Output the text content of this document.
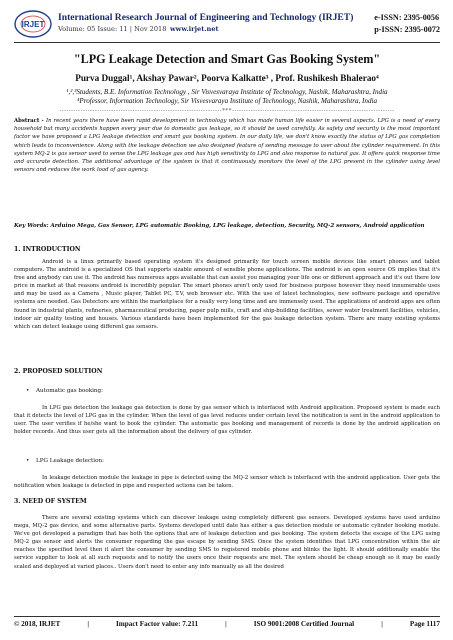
IRJET
International Research Journal of Engineering and Technology (IRJET)
Volume: 05 Issue: 11 | Nov 2018 www.irjet.net
e-ISSN: 2395-0056
p-ISSN: 2395-0072
"LPG Leakage Detection and Smart Gas Booking System"
Purva Duggal¹, Akshay Pawar², Poorva Kalkatte³ , Prof. Rushikesh Bhalerao⁴
¹,²,³Students, B.E. Information Technology , Sir Visvesvaraya Institute of Technology, Nashik, Maharashtra, India
⁴Professor, Information Technology, Sir Visvesvaraya Institute of Technology, Nashik, Maharashtra, India
---------------------------------------------------------------------***---------------------------------------------------------------------
Abstract - In recent years there have been rapid development in technology which has made human life easier in several aspects. LPG is a need of every household but many accidents happen every year due to domestic gas leakage, so it should be used carefully. As safety and security is the most important factor we have proposed a LPG leakage detection and smart gas booking system. In our daily life, we don't know exactly the status of LPG gas completion which leads to inconvenience. Along with the leakage detection we also designed feature of sending message to user about the cylinder requirement. In this system MQ-2 is gas sensor used to sense the LPG leakage gas and has high sensitivity to LPG and also response to natural gas. It offers quick response time and accurate detection. The additional advantage of the system is that it continuously monitors the level of the LPG present in the cylinder using level sensors and reduces the work load of gas agency.
Key Words: Arduino Mega, Gas Sensor, LPG automatic Booking, LPG leakage, detection, Security, MQ-2 sensors, Android application
1. INTRODUCTION
Android is a linux primarily based operating system it's designed primarily for touch screen mobile devices like smart phones and tablet computers. The android is a specialized OS that supports sizable amount of sensible phone applications. The android is an open source OS implies that it's free and anybody can use it. The android has numerous apps available that can assist you managing your life one or different approach and it's out there low price in market at that reasons android is incredibly popular. The smart phones aren't only used for business purpose however they need innumerable uses and may be used as a Camera , Music player, Tablet PC, T.V, web browser etc. With the use of latest technologies, new software package and operative systems are needed. Gas Detectors are within the marketplace for a really very long time and are immensely used. The applications of android apps are often found in industrial plants, refineries, pharmaceutical producing, paper pulp mills, craft and ship-building facilities, sewer water treatment facilities, vehicles, indoor air quality testing and houses. Various standards have been implemented for the gas leakage detection system. There are many existing systems which can detect leakage using different gas sensors.
2. PROPOSED SOLUTION
• Automatic gas booking:
In LPG gas detection the leakage gas detection is done by gas sensor which is interfaced with Android application. Proposed system is made such that it detects the level of LPG gas in the cylinder. When the level of gas level reduces under certain level the notification is sent in the android application to user. The user verifies if he/she want to book the cylinder. The automatic gas booking and management of records is done by the android application on holder records. And thus user gets all the information about the delivery of gas cylinder.
• LPG Leakage detection:
In leakage detection module the leakage in pipe is detected using the MQ-2 sensor which is interfaced with the android application. User gets the notification when leakage is detected in pipe and respected actions can be taken.
3. NEED OF SYSTEM
There are several existing systems which can discover leakage using completely different gas sensors. Developed systems have used arduino mega, MQ-2 gas device, and some alternative parts. Systems developed until date has either a gas detection module or automatic cylinder booking module. We've got developed a paradigm that has both the options that are of leakage detection and gas booking. The system detects the escape of the LPG using MQ-2 gas sensor and alerts the consumer regarding the gas escape by sending SMS. Once the system identifies that LPG concentration within the air reaches the specified level then it alert the consumer by sending SMS to registered mobile phone and blinks the light. It should additionally enable the service supplier to look at all such requests and to notify the users once their requests are met. The system should be cheap enough so it may be easily scaled and deployed at varied places.. Users don't need to enter any info manually as all the desired
© 2018, IRJET	|	Impact Factor value: 7.211	|	ISO 9001:2008 Certified Journal	|	Page 1117
